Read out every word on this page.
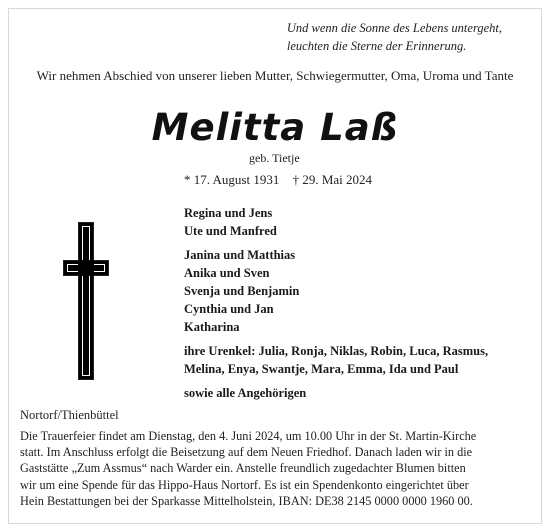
Und wenn die Sonne des Lebens untergeht,
leuchten die Sterne der Erinnerung.
Wir nehmen Abschied von unserer lieben Mutter, Schwiegermutter, Oma, Uroma und Tante
Melitta Laß
geb. Tietje
* 17. August 1931 † 29. Mai 2024
Regina und Jens
Ute und Manfred
Janina und Matthias
Anika und Sven
Svenja und Benjamin
Cynthia und Jan
Katharina
ihre Urenkel: Julia, Ronja, Niklas, Robin, Luca, Rasmus,
Melina, Enya, Swantje, Mara, Emma, Ida und Paul
sowie alle Angehörigen
Nortorf/Thienbüttel
Die Trauerfeier findet am Dienstag, den 4. Juni 2024, um 10.00 Uhr in der St. Martin-Kirche
statt. Im Anschluss erfolgt die Beisetzung auf dem Neuen Friedhof. Danach laden wir in die
Gaststätte „Zum Assmus“ nach Warder ein. Anstelle freundlich zugedachter Blumen bitten
wir um eine Spende für das Hippo-Haus Nortorf. Es ist ein Spendenkonto eingerichtet über
Hein Bestattungen bei der Sparkasse Mittelholstein, IBAN: DE38 2145 0000 0000 1960 00.
